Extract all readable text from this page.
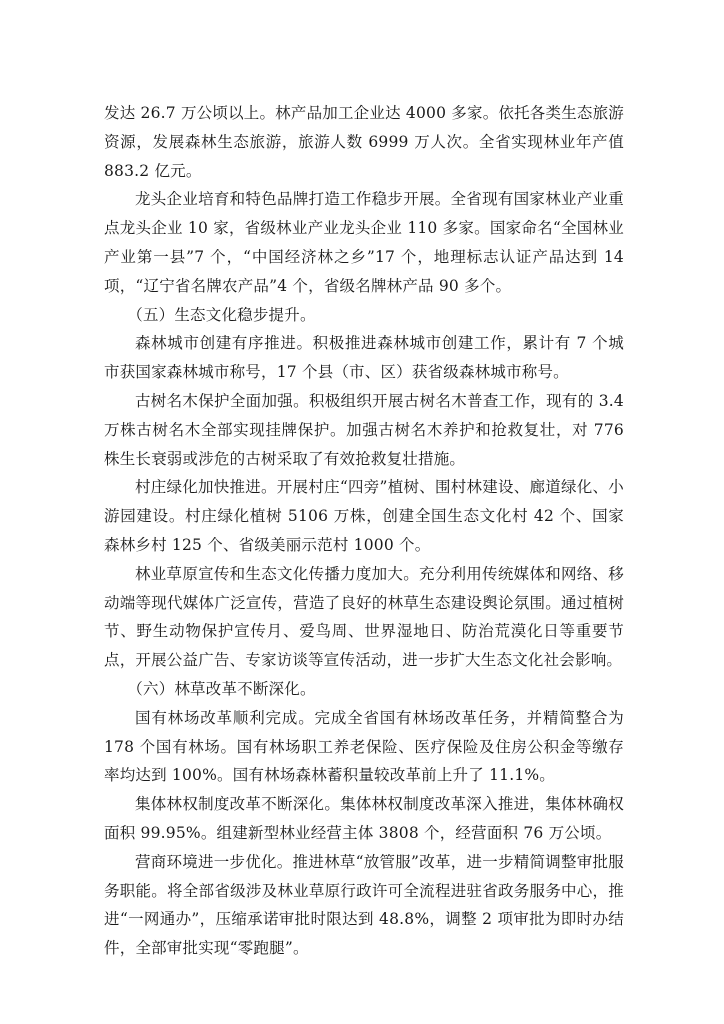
发达 26.7 万公顷以上。林产品加工企业达 4000 多家。依托各类生态旅游资源，发展森林生态旅游，旅游人数 6999 万人次。全省实现林业年产值 883.2 亿元。

龙头企业培育和特色品牌打造工作稳步开展。全省现有国家林业产业重点龙头企业 10 家，省级林业产业龙头企业 110 多家。国家命名“全国林业产业第一县”7 个，“中国经济林之乡”17 个，地理标志认证产品达到 14 项，“辽宁省名牌农产品”4 个，省级名牌林产品 90 多个。

（五）生态文化稳步提升。

森林城市创建有序推进。积极推进森林城市创建工作，累计有 7 个城市获国家森林城市称号，17 个县（市、区）获省级森林城市称号。

古树名木保护全面加强。积极组织开展古树名木普查工作，现有的 3.4 万株古树名木全部实现挂牌保护。加强古树名木养护和抢救复壮，对 776 株生长衰弱或涉危的古树采取了有效抢救复壮措施。

村庄绿化加快推进。开展村庄“四旁”植树、围村林建设、廊道绿化、小游园建设。村庄绿化植树 5106 万株，创建全国生态文化村 42 个、国家森林乡村 125 个、省级美丽示范村 1000 个。

林业草原宣传和生态文化传播力度加大。充分利用传统媒体和网络、移动端等现代媒体广泛宣传，营造了良好的林草生态建设舆论氛围。通过植树节、野生动物保护宣传月、爱鸟周、世界湿地日、防治荒漠化日等重要节点，开展公益广告、专家访谈等宣传活动，进一步扩大生态文化社会影响。

（六）林草改革不断深化。

国有林场改革顺利完成。完成全省国有林场改革任务，并精简整合为 178 个国有林场。国有林场职工养老保险、医疗保险及住房公积金等缴存率均达到 100%。国有林场森林蓄积量较改革前上升了 11.1%。

集体林权制度改革不断深化。集体林权制度改革深入推进，集体林确权面积 99.95%。组建新型林业经营主体 3808 个，经营面积 76 万公顷。

营商环境进一步优化。推进林草“放管服”改革，进一步精简调整审批服务职能。将全部省级涉及林业草原行政许可全流程进驻省政务服务中心，推进“一网通办”，压缩承诺审批时限达到 48.8%，调整 2 项审批为即时办结件，全部审批实现“零跑腿”。
